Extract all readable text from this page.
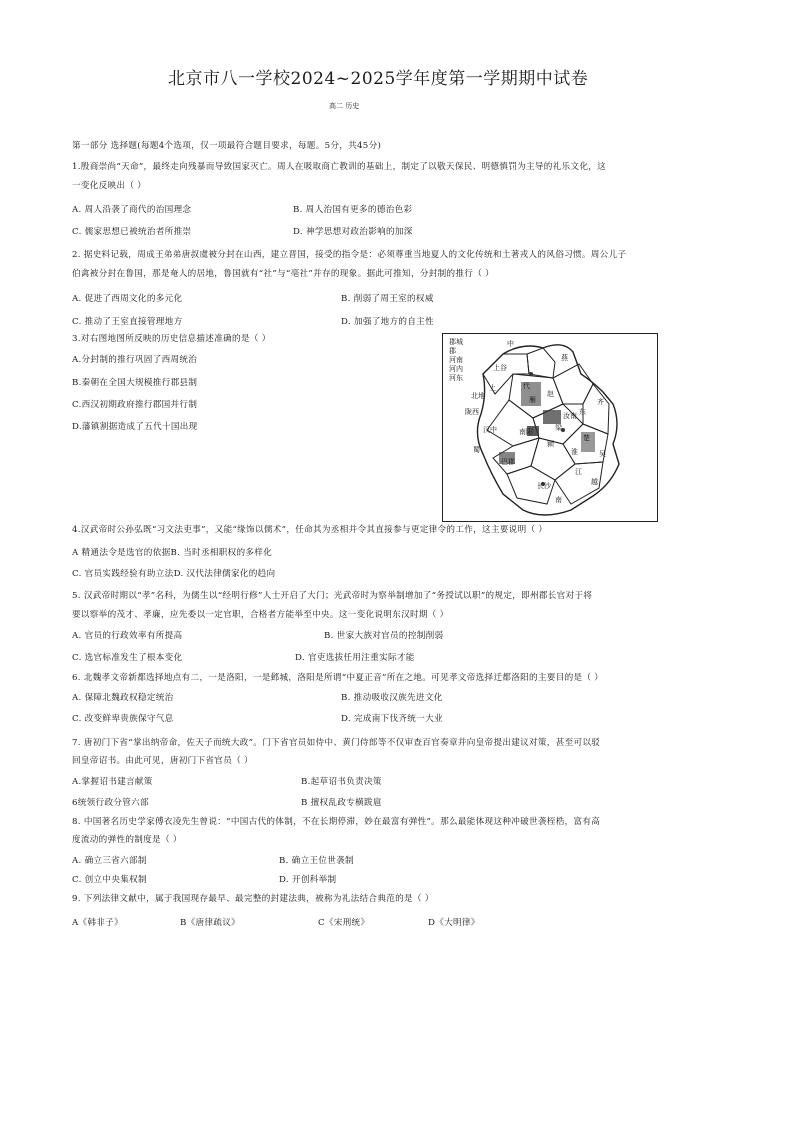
北京市八一学校2024~2025学年度第一学期期中试卷
高二 历史
第一部分 选择题(每题4个选项，仅一项最符合题目要求，每题。5分，共45分)
1.殷商崇尚“天命”，最终走向残暴而导致国家灭亡。周人在吸取商亡教训的基础上，制定了以敬天保民、明德慎罚为主导的礼乐文化，这
一变化反映出（ ）
A. 周人沿袭了商代的治国理念	B. 周人治国有更多的德治色彩
C. 儒家思想已被统治者所推崇	D. 神学思想对政治影响的加深
2. 据史料记载，周成王弟弟唐叔虞被分封在山西，建立晋国，接受的指令是：必须尊重当地夏人的文化传统和土著戎人的风俗习惯。周公儿子
伯禽被分封在鲁国，那是奄人的居地，鲁国就有“社”与“亳社”并存的现象。据此可推知，分封制的推行（ ）
A. 促进了西周文化的多元化	B. 削弱了周王室的权威
C. 推动了王室直接管理地方	D. 加强了地方的自主性
3.对右图地图所反映的历史信息描述准确的是（ ）
A.分封制的推行巩固了西周统治
B.秦朝在全国大规模推行郡县制
C.西汉初期政府推行郡国并行制
D.藩镇割据造成了五代十国出现
郡城
郡
河南
河内
河东
中
上谷
上	代
燕
齐
赵
雁
梁
楚
吴
北地
陇西
汉中	南阳
长沙
巴郡
汝南
蜀
颍
淮
东
江
越
南
4.汉武帝时公孙弘既“习文法吏事”，又能“缘饰以儒术”，任命其为丞相并令其直接参与更定律令的工作，这主要说明（ ）
A 精通法令是选官的依据B. 当时丞相职权的多样化
C. 官员实践经验有助立法D. 汉代法律儒家化的趋向
5. 汉武帝时期以“孝”名科，为儒生以“经明行修”人士开启了大门；光武帝时为察举制增加了“务授试以职”的规定，即州郡长官对于将
要以察举的茂才、孝廉，应先委以一定官职，合格者方能举至中央。这一变化说明东汉时期（ ）
A. 官员的行政效率有所提高	B. 世家大族对官员的控制削弱
C. 选官标准发生了根本变化	D. 官吏选拔任用注重实际才能
6. 北魏孝文帝新都选择地点有二，一是洛阳，一是邺城，洛阳是所谓“中夏正音”所在之地。可见孝文帝选择迁都洛阳的主要目的是（ ）
A. 保障北魏政权稳定统治	B. 推动吸收汉族先进文化
C. 改变鲜卑贵族保守气息	D. 完成南下伐齐统一大业
7. 唐初门下省“掌出纳帝命，佐天子而统大政”。门下省官员如侍中、黄门侍郎等不仅审查百官奏章并向皇帝提出建议对策，甚至可以驳
回皇帝诏书。由此可见，唐初门下省官员（ ）
A.掌握诏书建言献策	B.起草诏书负责决策
6统领行政分管六部	B 擅权乱政专横跋扈
8. 中国著名历史学家傅衣凌先生曾说：“中国古代的体制，不在长期停滞，妙在最富有弹性”。那么最能体现这种冲破世袭桎梏，富有高
度流动的弹性的制度是（ ）
A. 确立三省六部制	B. 确立王位世袭制
C. 创立中央集权制	D. 开创科举制
9. 下列法律文献中，属于我国现存最早、最完整的封建法典，被称为礼法结合典范的是（ ）
A《韩非子》	B《唐律疏议》	C《宋刑统》	D《大明律》
